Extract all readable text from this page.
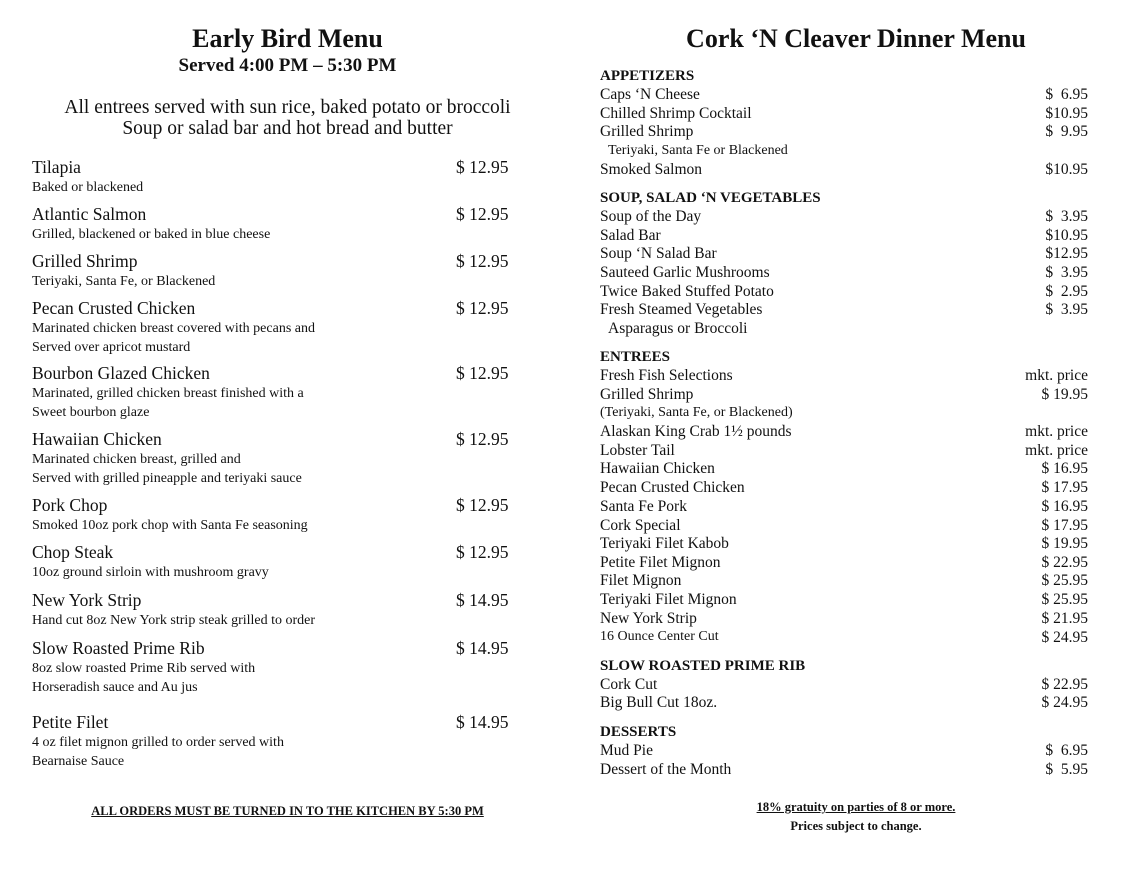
Early Bird Menu
Served 4:00 PM – 5:30 PM
All entrees served with sun rice, baked potato or broccoli
Soup or salad bar and hot bread and butter
Tilapia	$ 12.95
Baked or blackened
Atlantic Salmon	$ 12.95
Grilled, blackened or baked in blue cheese
Grilled Shrimp	$ 12.95
Teriyaki, Santa Fe, or Blackened
Pecan Crusted Chicken	$ 12.95
Marinated chicken breast covered with pecans and
Served over apricot mustard
Bourbon Glazed Chicken	$ 12.95
Marinated, grilled chicken breast finished with a
Sweet bourbon glaze
Hawaiian Chicken	$ 12.95
Marinated chicken breast, grilled and
Served with grilled pineapple and teriyaki sauce
Pork Chop	$ 12.95
Smoked 10oz pork chop with Santa Fe seasoning
Chop Steak	$ 12.95
10oz ground sirloin with mushroom gravy
New York Strip	$ 14.95
Hand cut 8oz New York strip steak grilled to order
Slow Roasted Prime Rib	$ 14.95
8oz slow roasted Prime Rib served with
Horseradish sauce and Au jus
Petite Filet	$ 14.95
4 oz filet mignon grilled to order served with
Bearnaise Sauce
ALL ORDERS MUST BE TURNED IN TO THE KITCHEN BY 5:30 PM
Cork ‘N Cleaver Dinner Menu
APPETIZERS
Caps ‘N Cheese	$  6.95
Chilled Shrimp Cocktail	$10.95
Grilled Shrimp	$  9.95
Teriyaki, Santa Fe or Blackened
Smoked Salmon	$10.95
SOUP, SALAD ‘N VEGETABLES
Soup of the Day	$  3.95
Salad Bar	$10.95
Soup ‘N Salad Bar	$12.95
Sauteed Garlic Mushrooms	$  3.95
Twice Baked Stuffed Potato	$  2.95
Fresh Steamed Vegetables	$  3.95
Asparagus or Broccoli
ENTREES
Fresh Fish Selections	mkt. price
Grilled Shrimp	$ 19.95
(Teriyaki, Santa Fe, or Blackened)
Alaskan King Crab 1½ pounds	mkt. price
Lobster Tail	mkt. price
Hawaiian Chicken	$ 16.95
Pecan Crusted Chicken	$ 17.95
Santa Fe Pork	$ 16.95
Cork Special	$ 17.95
Teriyaki Filet Kabob	$ 19.95
Petite Filet Mignon	$ 22.95
Filet Mignon	$ 25.95
Teriyaki Filet Mignon	$ 25.95
New York Strip	$ 21.95
16 Ounce Center Cut	$ 24.95
SLOW ROASTED PRIME RIB
Cork Cut	$ 22.95
Big Bull Cut 18oz.	$ 24.95
DESSERTS
Mud Pie	$  6.95
Dessert of the Month	$  5.95
18% gratuity on parties of 8 or more.
Prices subject to change.
